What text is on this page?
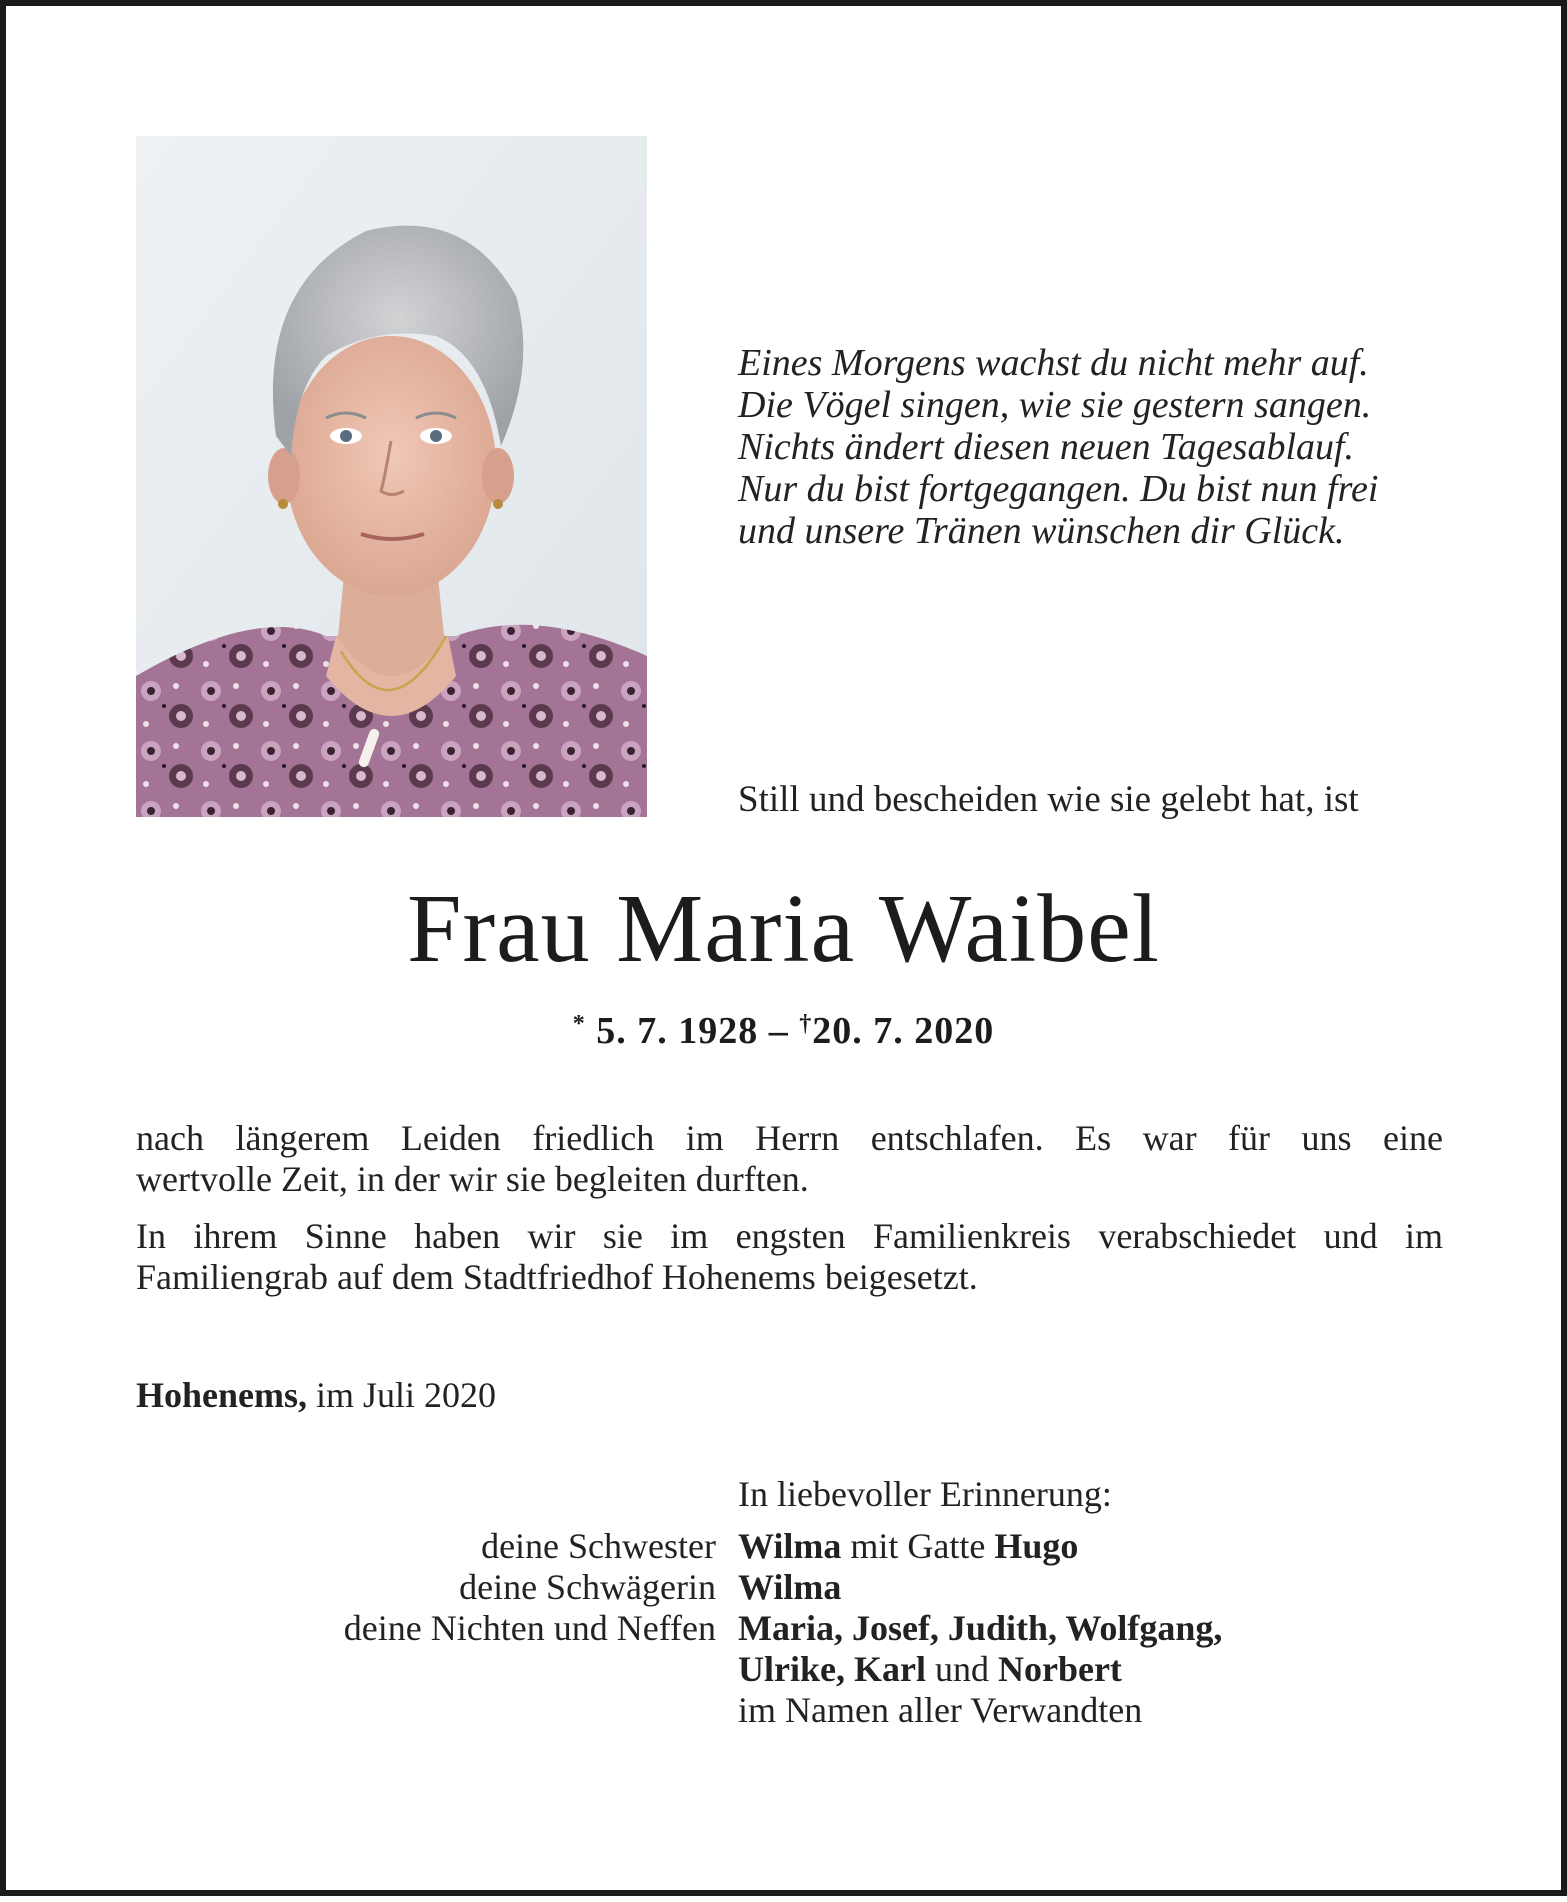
Eines Morgens wachst du nicht mehr auf.
Die Vögel singen, wie sie gestern sangen.
Nichts ändert diesen neuen Tagesablauf.
Nur du bist fortgegangen. Du bist nun frei
und unsere Tränen wünschen dir Glück.
Still und bescheiden wie sie gelebt hat, ist
Frau Maria Waibel
* 5. 7. 1928 – †20. 7. 2020
nach längerem Leiden friedlich im Herrn entschlafen. Es war für uns eine
wertvolle Zeit, in der wir sie begleiten durften.
In ihrem Sinne haben wir sie im engsten Familienkreis verabschiedet und im
Familiengrab auf dem Stadtfriedhof Hohenems beigesetzt.
Hohenems, im Juli 2020
In liebevoller Erinnerung:
deine Schwester Wilma mit Gatte Hugo
deine Schwägerin Wilma
deine Nichten und Neffen Maria, Josef, Judith, Wolfgang,
Ulrike, Karl und Norbert
im Namen aller Verwandten
